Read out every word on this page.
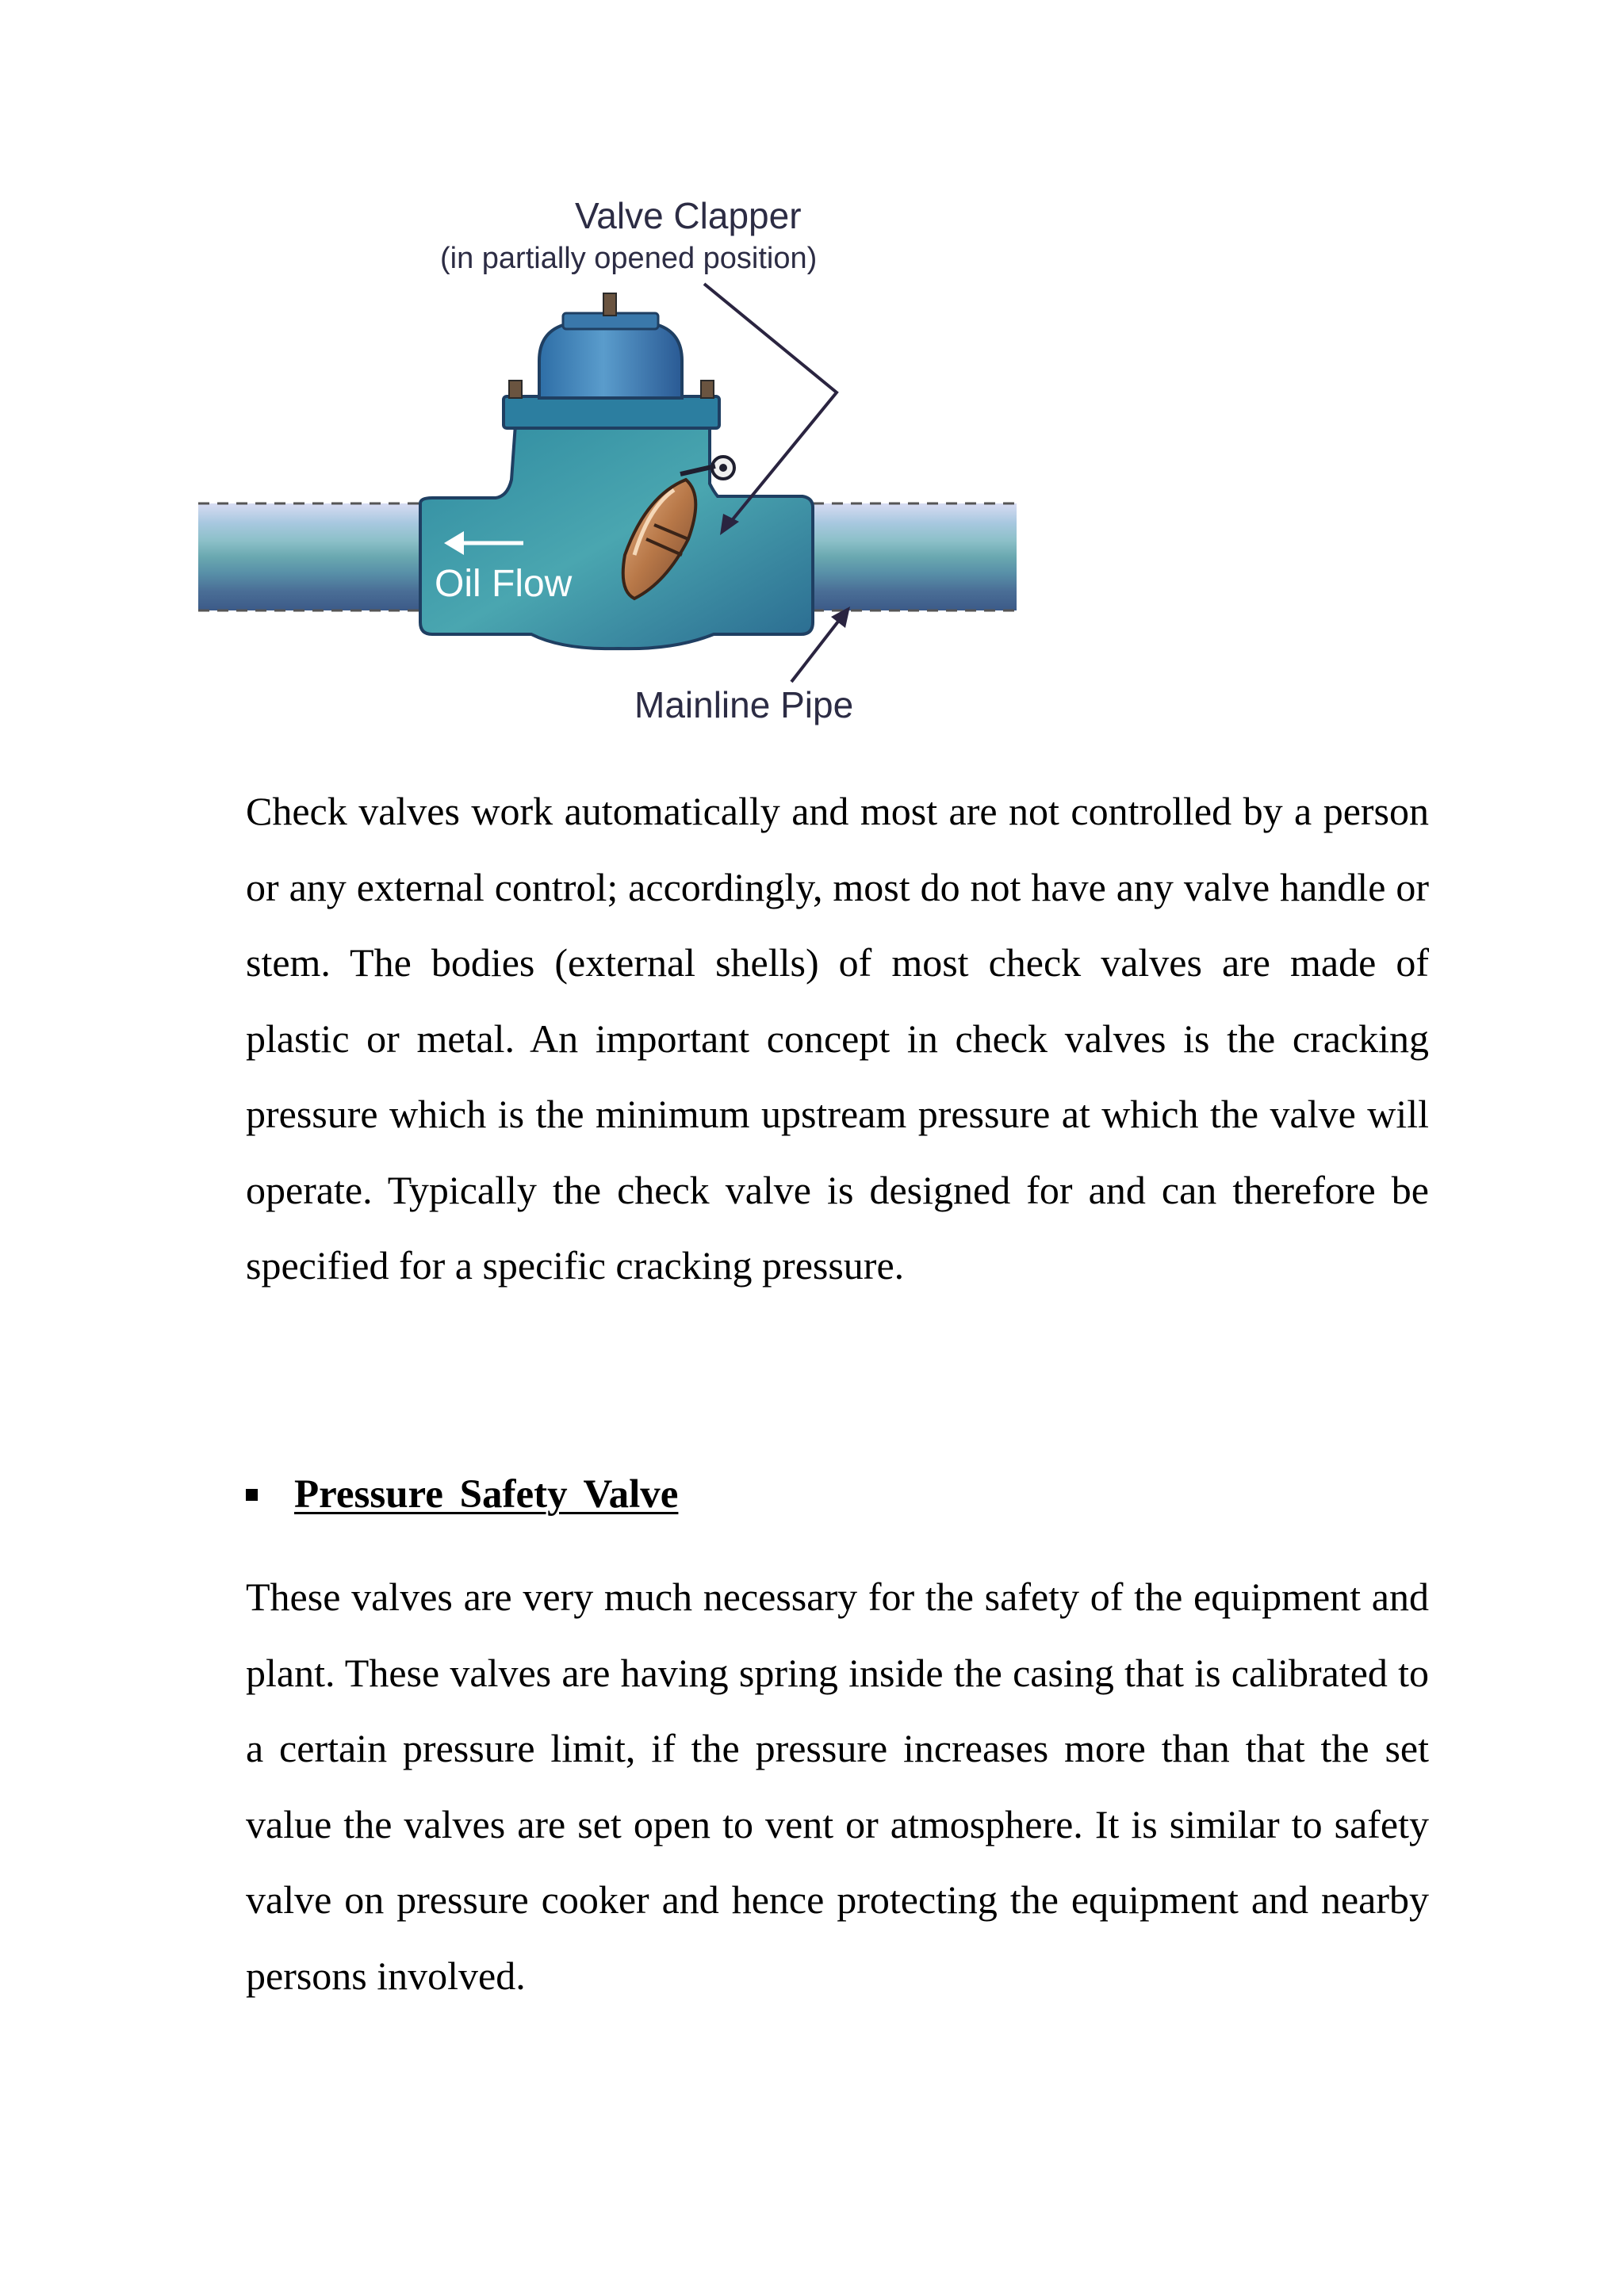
Oil Flow
Valve Clapper
(in partially opened position)
Mainline Pipe

Check valves work automatically and most are not controlled by a person or any external control; accordingly, most do not have any valve handle or stem. The bodies (external shells) of most check valves are made of plastic or metal. An important concept in check valves is the cracking pressure which is the minimum upstream pressure at which the valve will operate. Typically the check valve is designed for and can therefore be specified for a specific cracking pressure.

Pressure Safety Valve

These valves are very much necessary for the safety of the equipment and plant. These valves are having spring inside the casing that is calibrated to a certain pressure limit, if the pressure increases more than that the set value the valves are set open to vent or atmosphere. It is similar to safety valve on pressure cooker and hence protecting the equipment and nearby persons involved.
